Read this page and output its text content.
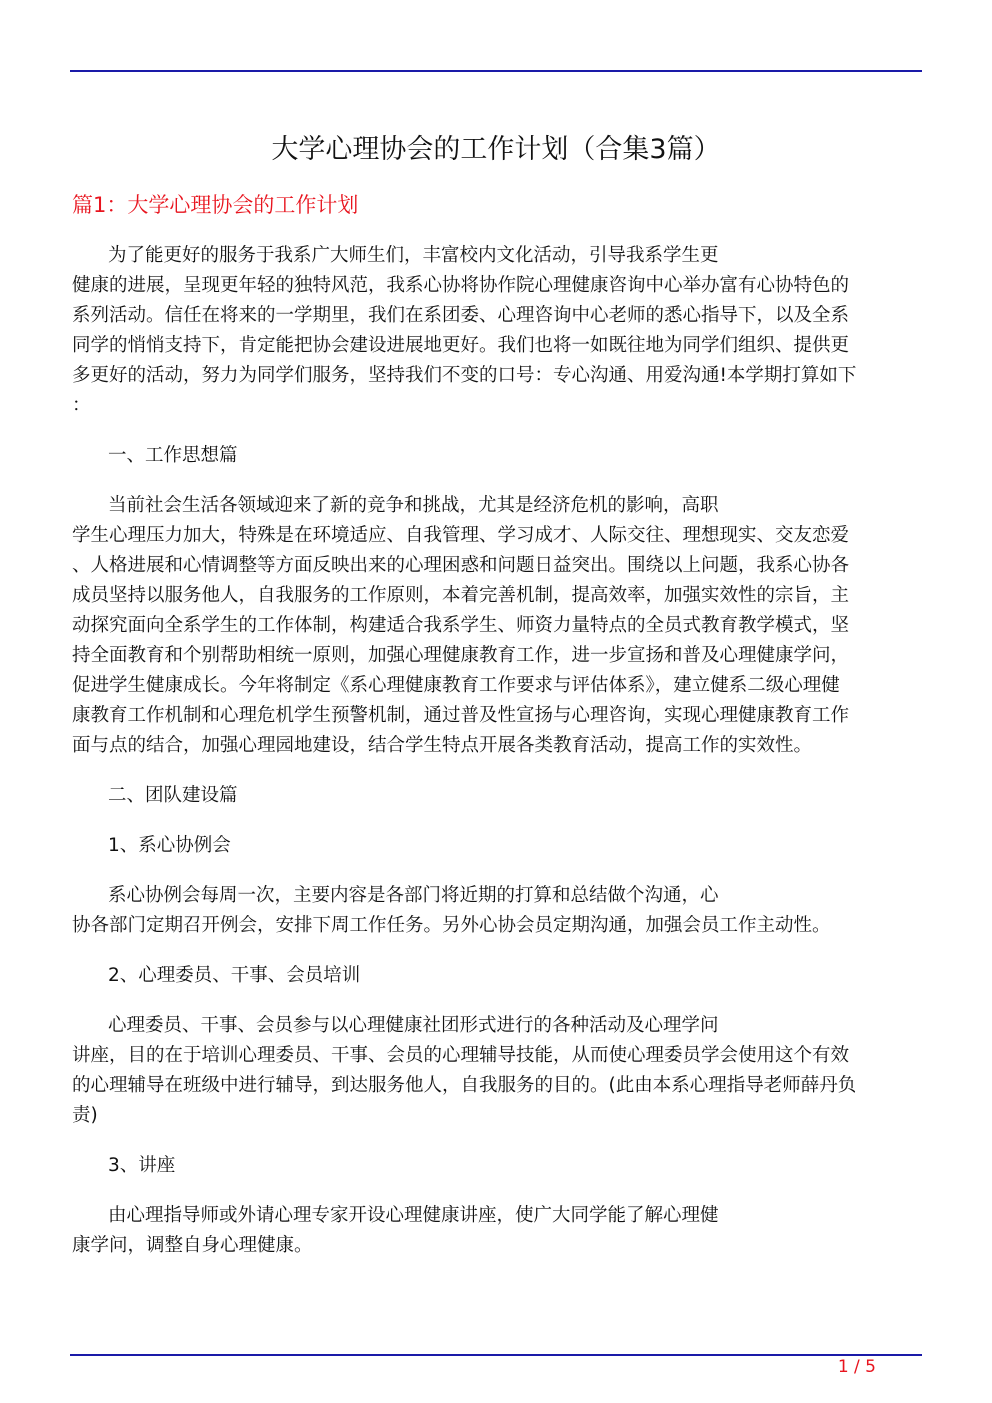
大学心理协会的工作计划（合集3篇）
篇1：大学心理协会的工作计划
为了能更好的服务于我系广大师生们，丰富校内文化活动，引导我系学生更
健康的进展，呈现更年轻的独特风范，我系心协将协作院心理健康咨询中心举办富有心协特色的
系列活动。信任在将来的一学期里，我们在系团委、心理咨询中心老师的悉心指导下，以及全系
同学的悄悄支持下，肯定能把协会建设进展地更好。我们也将一如既往地为同学们组织、提供更
多更好的活动，努力为同学们服务，坚持我们不变的口号：专心沟通、用爱沟通!本学期打算如下
：
一、工作思想篇
当前社会生活各领域迎来了新的竞争和挑战，尤其是经济危机的影响，高职
学生心理压力加大，特殊是在环境适应、自我管理、学习成才、人际交往、理想现实、交友恋爱
、人格进展和心情调整等方面反映出来的心理困惑和问题日益突出。围绕以上问题，我系心协各
成员坚持以服务他人，自我服务的工作原则，本着完善机制，提高效率，加强实效性的宗旨，主
动探究面向全系学生的工作体制，构建适合我系学生、师资力量特点的全员式教育教学模式，坚
持全面教育和个别帮助相统一原则，加强心理健康教育工作，进一步宣扬和普及心理健康学问，
促进学生健康成长。今年将制定《系心理健康教育工作要求与评估体系》，建立健系二级心理健
康教育工作机制和心理危机学生预警机制，通过普及性宣扬与心理咨询，实现心理健康教育工作
面与点的结合，加强心理园地建设，结合学生特点开展各类教育活动，提高工作的实效性。
二、团队建设篇
1、系心协例会
系心协例会每周一次，主要内容是各部门将近期的打算和总结做个沟通，心
协各部门定期召开例会，安排下周工作任务。另外心协会员定期沟通，加强会员工作主动性。
2、心理委员、干事、会员培训
心理委员、干事、会员参与以心理健康社团形式进行的各种活动及心理学问
讲座，目的在于培训心理委员、干事、会员的心理辅导技能，从而使心理委员学会使用这个有效
的心理辅导在班级中进行辅导，到达服务他人，自我服务的目的。(此由本系心理指导老师薛丹负
责)
3、讲座
由心理指导师或外请心理专家开设心理健康讲座，使广大同学能了解心理健
康学问，调整自身心理健康。
1 / 5
